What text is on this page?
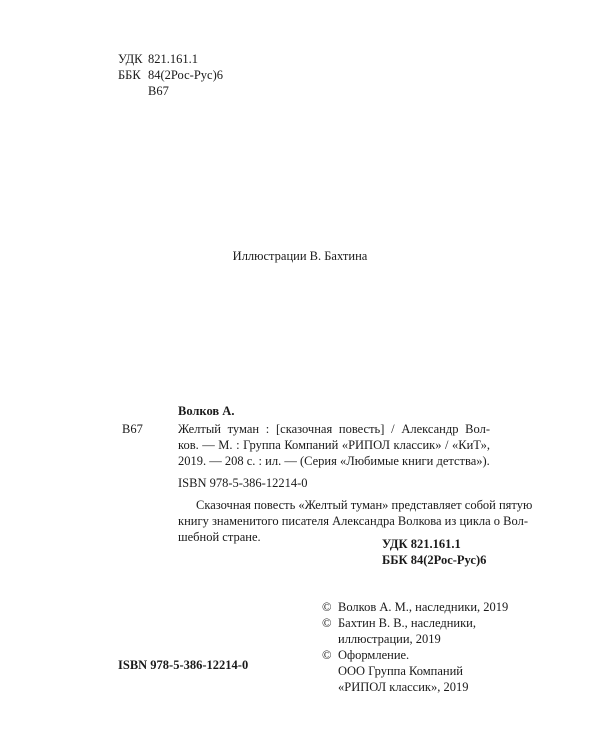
УДК 821.161.1
ББК 84(2Рос-Рус)6
В67
Иллюстрации В. Бахтина
Волков А.
В67	Желтый туман : [сказочная повесть] / Александр Вол-
ков. — М. : Группа Компаний «РИПОЛ классик» / «КиТ»,
2019. — 208 с. : ил. — (Серия «Любимые книги детства»).
ISBN 978-5-386-12214-0
Сказочная повесть «Желтый туман» представляет собой пятую
книгу знаменитого писателя Александра Волкова из цикла о Вол-
шебной стране.	УДК 821.161.1
ББК 84(2Рос-Рус)6
© Волков А. М., наследники, 2019
© Бахтин В. В., наследники,
иллюстрации, 2019
© Оформление.
ООО Группа Компаний
«РИПОЛ классик», 2019
ISBN 978-5-386-12214-0
